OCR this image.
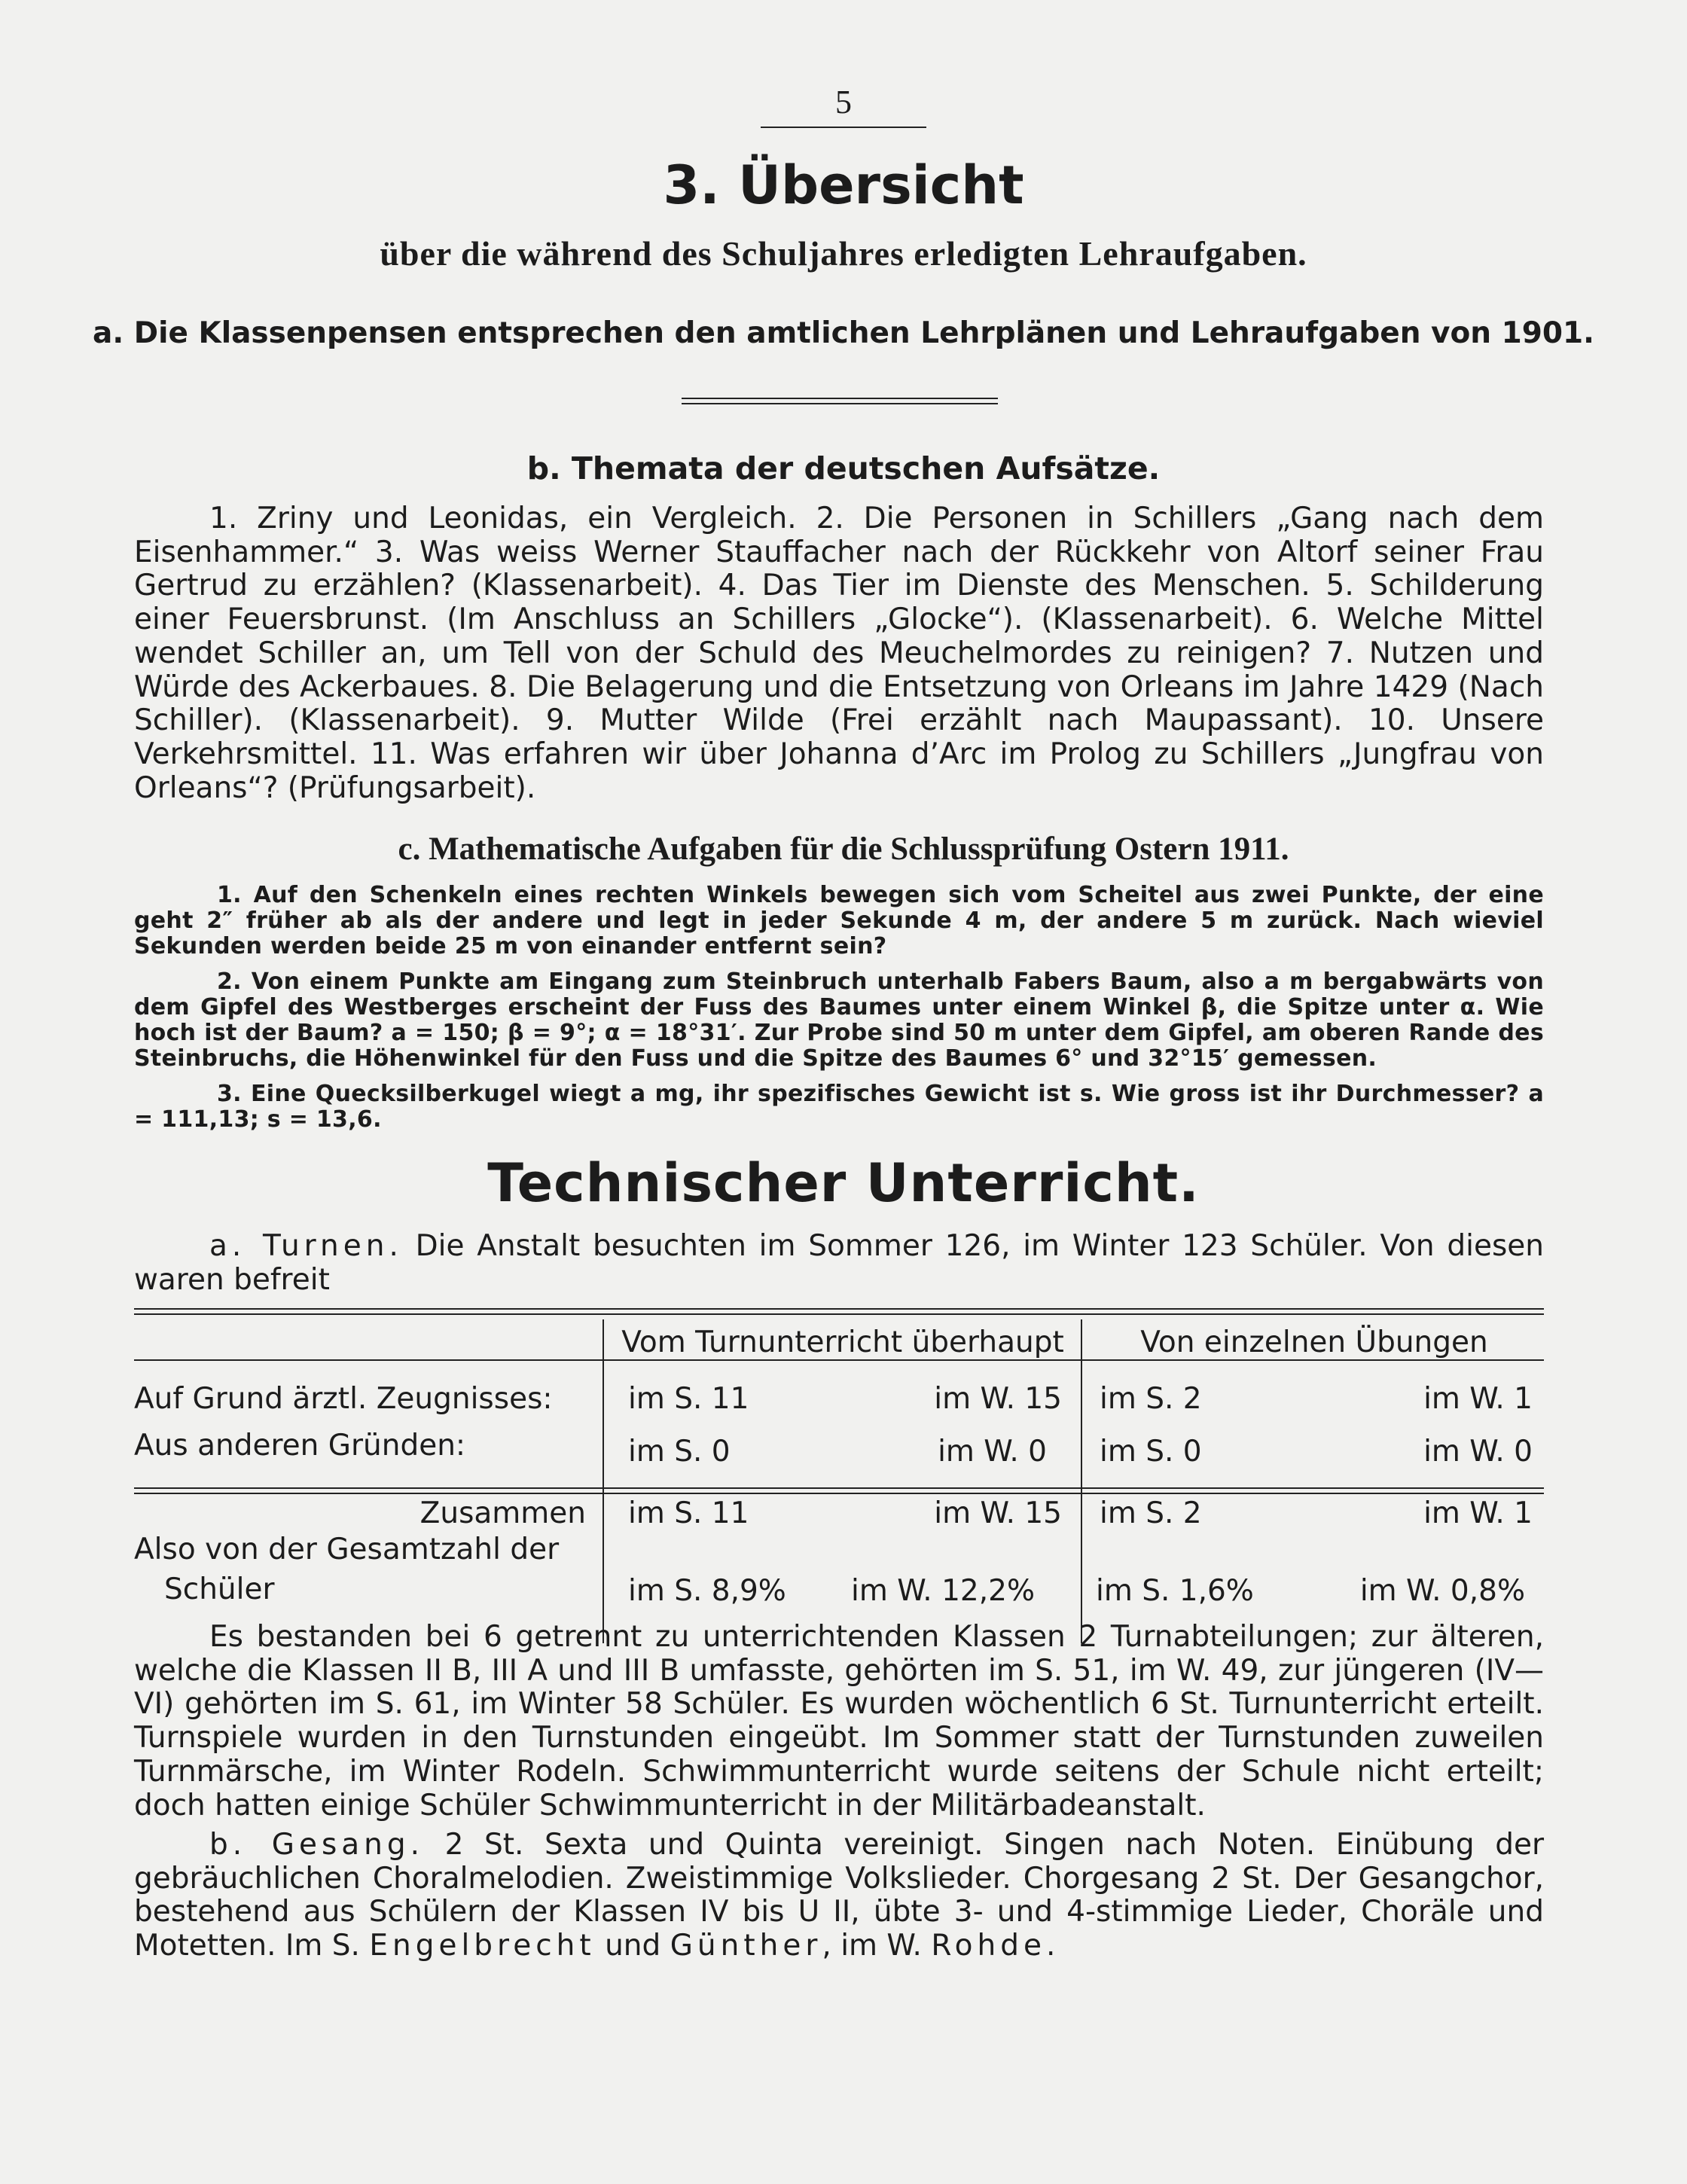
5
3. Übersicht
über die während des Schuljahres erledigten Lehraufgaben.
a. Die Klassenpensen entsprechen den amtlichen Lehrplänen und Lehraufgaben von 1901.
b. Themata der deutschen Aufsätze.
1. Zriny und Leonidas, ein Vergleich. 2. Die Personen in Schillers „Gang nach dem Eisenhammer.“ 3. Was weiss Werner Stauffacher nach der Rückkehr von Altorf seiner Frau Gertrud zu erzählen? (Klassenarbeit). 4. Das Tier im Dienste des Menschen. 5. Schilderung einer Feuersbrunst. (Im Anschluss an Schillers „Glocke“). (Klassenarbeit). 6. Welche Mittel wendet Schiller an, um Tell von der Schuld des Meuchelmordes zu reinigen? 7. Nutzen und Würde des Ackerbaues. 8. Die Belagerung und die Entsetzung von Orleans im Jahre 1429 (Nach Schiller). (Klassenarbeit). 9. Mutter Wilde (Frei erzählt nach Maupassant). 10. Unsere Verkehrsmittel. 11. Was erfahren wir über Johanna d’Arc im Prolog zu Schillers „Jungfrau von Orleans“? (Prüfungsarbeit).
c. Mathematische Aufgaben für die Schlussprüfung Ostern 1911.
1. Auf den Schenkeln eines rechten Winkels bewegen sich vom Scheitel aus zwei Punkte, der eine geht 2″ früher ab als der andere und legt in jeder Sekunde 4 m, der andere 5 m zurück. Nach wieviel Sekunden werden beide 25 m von einander entfernt sein?
2. Von einem Punkte am Eingang zum Steinbruch unterhalb Fabers Baum, also a m bergabwärts von dem Gipfel des Westberges erscheint der Fuss des Baumes unter einem Winkel β, die Spitze unter α. Wie hoch ist der Baum? a = 150; β = 9°; α = 18°31′. Zur Probe sind 50 m unter dem Gipfel, am oberen Rande des Steinbruchs, die Höhenwinkel für den Fuss und die Spitze des Baumes 6° und 32°15′ gemessen.
3. Eine Quecksilberkugel wiegt a mg, ihr spezifisches Gewicht ist s. Wie gross ist ihr Durchmesser? a = 111,13; s = 13,6.
Technischer Unterricht.
a. Turnen. Die Anstalt besuchten im Sommer 126, im Winter 123 Schüler. Von diesen waren befreit
Vom Turnunterricht überhaupt	Von einzelnen Übungen
Auf Grund ärztl. Zeugnisses:	im S. 11	im W. 15 im S. 2	im W. 1
Aus anderen Gründen:	im S. 0	im W. 0 im S. 0	im W. 0
Zusammen im S. 11	im W. 15 im S. 2	im W. 1
Also von der Gesamtzahl der
Schüler	im S. 8,9% im W. 12,2% im S. 1,6%	im W. 0,8%
Es bestanden bei 6 getrennt zu unterrichtenden Klassen 2 Turnabteilungen; zur älteren, welche die Klassen II B, III A und III B umfasste, gehörten im S. 51, im W. 49, zur jüngeren (IV—VI) gehörten im S. 61, im Winter 58 Schüler. Es wurden wöchentlich 6 St. Turnunterricht erteilt. Turnspiele wurden in den Turnstunden eingeübt. Im Sommer statt der Turnstunden zuweilen Turnmärsche, im Winter Rodeln. Schwimmunterricht wurde seitens der Schule nicht erteilt; doch hatten einige Schüler Schwimmunterricht in der Militärbadeanstalt.
b. Gesang. 2 St. Sexta und Quinta vereinigt. Singen nach Noten. Einübung der gebräuchlichen Choralmelodien. Zweistimmige Volkslieder. Chorgesang 2 St. Der Gesangchor, bestehend aus Schülern der Klassen IV bis U II, übte 3- und 4-stimmige Lieder, Choräle und Motetten. Im S. Engelbrecht und Günther, im W. Rohde.
